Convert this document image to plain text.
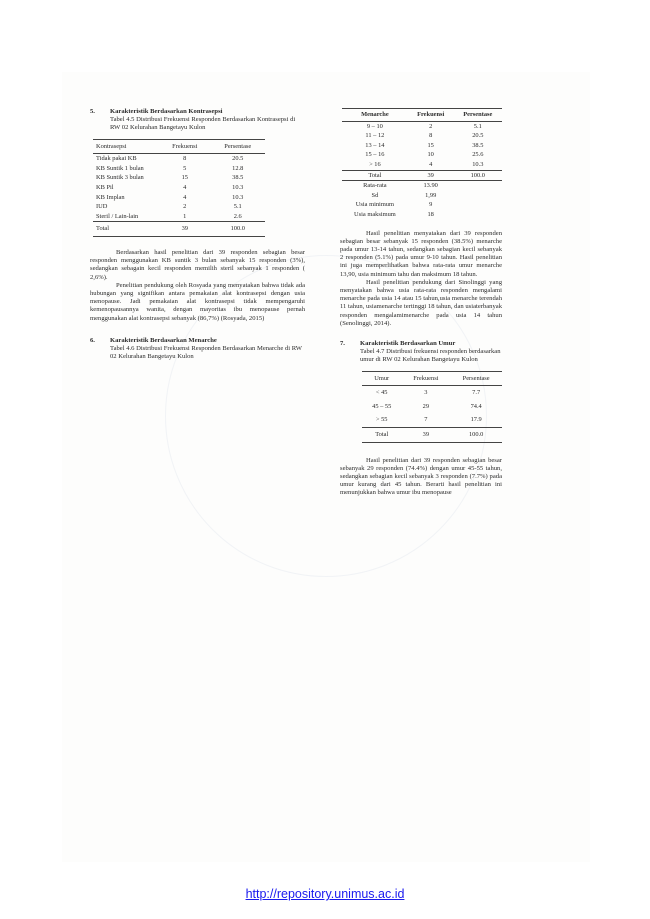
5. Karakteristik Berdasarkan Kontrasepsi
Tabel 4.5 Distribusi Frekuensi Responden Berdasarkan Kontrasepsi di RW 02 Kelurahan Bangetayu Kulon
Kontrasepsi	Frekuensi	Persentase
Tidak pakai KB	8	20.5
KB Suntik 1 bulan	5	12.8
KB Suntik 3 bulan	15	38.5
KB Pil	4	10.3
KB Implan	4	10.3
IUD	2	5.1
Steril / Lain-lain	1	2.6
Total	39	100.0

Berdasarkan hasil penelitian dari 39 responden sebagian besar responden menggunakan KB suntik 3 bulan sebanyak 15 responden (3%), sedangkan sebagain kecil responden memilih steril sebanyak 1 responden ( 2,6%).

Penelitian pendukung oleh Rosyada yang menyatakan bahwa tidak ada hubungan yang signifikan antara pemakaian alat kontrasepsi dengan usia menopause. Jadi pemakaian alat kontrasepsi tidak mempengaruhi kemenopausannya wanita, dengan mayoritas ibu menopause pernah menggunakan alat kontrasepsi sebanyak (86,7%) (Rosyada, 2015)

6. Karakteristik Berdasarkan Menarche
Tabel 4.6 Distribusi Frekuensi Responden Berdasarkan Menarche di RW 02 Kelurahan Bangetayu Kulon
Menarche	Frekuensi	Persentase
9 – 10	2	5.1
11 – 12	8	20.5
13 – 14	15	38.5
15 – 16	10	25.6
> 16	4	10.3
Total	39	100.0
Rata-rata	13.90	
Sd	1,99	
Usia minimum	9	
Usia maksimum	18	

Hasil penelitian menyatakan dari 39 responden sebagian besar sebanyak 15 responden (38.5%) menarche pada umur 13-14 tahun, sedangkan sebagian kecil sebanyak 2 responden (5.1%) pada umur 9-10 tahun. Hasil penelitian ini juga memperlihatkan bahwa rata-rata umur menarche 13,90, usia minimum tahu dan maksimum 18 tahun.

Hasil penelitian pendukung dari Sinolinggi yang menyatakan bahwa usia rata-rata responden mengalami menarche pada usia 14 atau 15 tahun,usia menarche terendah 11 tahun, usiamenarche tertinggi 18 tahun, dan usiaterbanyak responden mengalamimenarche pada usia 14 tahun (Senolinggi, 2014).

7. Karakteristik Berdasarkan Umur
Tabel 4.7 Distribusi frekuensi responden berdasarkan umur di RW 02 Kelurahan Bangetayu Kulon
Umur	Frekuensi	Persentase
< 45	3	7.7
45 – 55	29	74.4
> 55	7	17.9
Total	39	100.0

Hasil penelitian dari 39 responden sebagian besar sebanyak 29 responden (74.4%) dengan umur 45-55 tahun, sedangkan sebagian kecil sebanyak 3 responden (7.7%) pada umur kurang dari 45 tahun. Berarti hasil penelitian ini menunjukkan bahwa umur ibu menopause

http://repository.unimus.ac.id
